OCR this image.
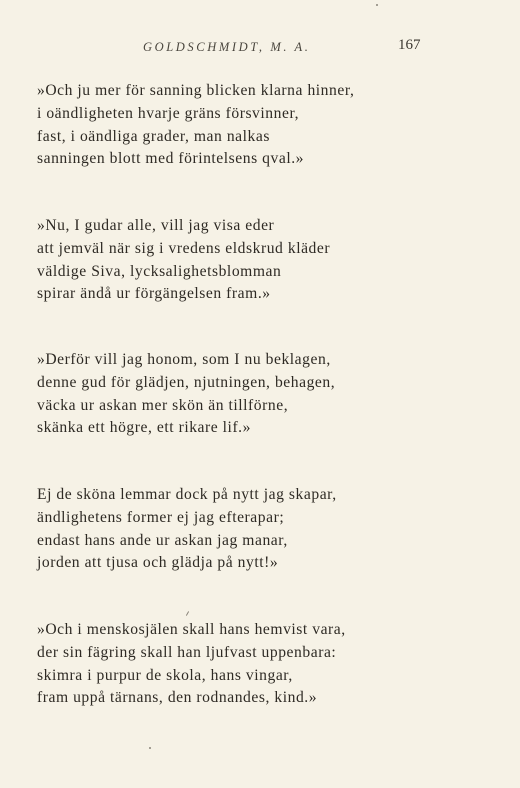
GOLDSCHMIDT, M. A.	167
»Och ju mer för sanning blicken klarna hinner,
i oändligheten hvarje gräns försvinner,
fast, i oändliga grader, man nalkas
sanningen blott med förintelsens qval.»
»Nu, I gudar alle, vill jag visa eder
att jemväl när sig i vredens eldskrud kläder
väldige Siva, lycksalighetsblomman
spirar ändå ur förgängelsen fram.»
»Derför vill jag honom, som I nu beklagen,
denne gud för glädjen, njutningen, behagen,
väcka ur askan mer skön än tillförne,
skänka ett högre, ett rikare lif.»
Ej de sköna lemmar dock på nytt jag skapar,
ändlighetens former ej jag efterapar;
endast hans ande ur askan jag manar,
jorden att tjusa och glädja på nytt!»
»Och i menskosjälen skall hans hemvist vara,
der sin fägring skall han ljufvast uppenbara:
skimra i purpur de skola, hans vingar,
fram uppå tärnans, den rodnandes, kind.»
